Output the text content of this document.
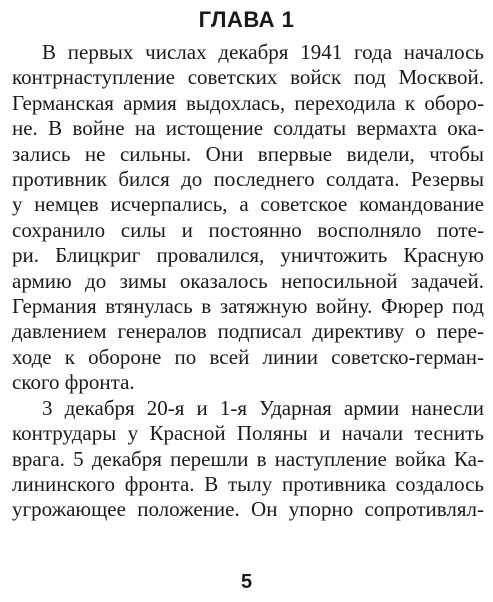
ГЛАВА 1

В первых числах декабря 1941 года началось
контрнаступление советских войск под Москвой.
Германская армия выдохлась, переходила к оборо-
не. В войне на истощение солдаты вермахта ока-
зались не сильны. Они впервые видели, чтобы
противник бился до последнего солдата. Резервы
у немцев исчерпались, а советское командование
сохранило силы и постоянно восполняло поте-
ри. Блицкриг провалился, уничтожить Красную
армию до зимы оказалось непосильной задачей.
Германия втянулась в затяжную войну. Фюрер под
давлением генералов подписал директиву о пере-
ходе к обороне по всей линии советско-герман-
ского фронта.

3 декабря 20-я и 1-я Ударная армии нанесли
контрудары у Красной Поляны и начали теснить
врага. 5 декабря перешли в наступление войка Ка-
лининского фронта. В тылу противника создалось
угрожающее положение. Он упорно сопротивлял-

5
